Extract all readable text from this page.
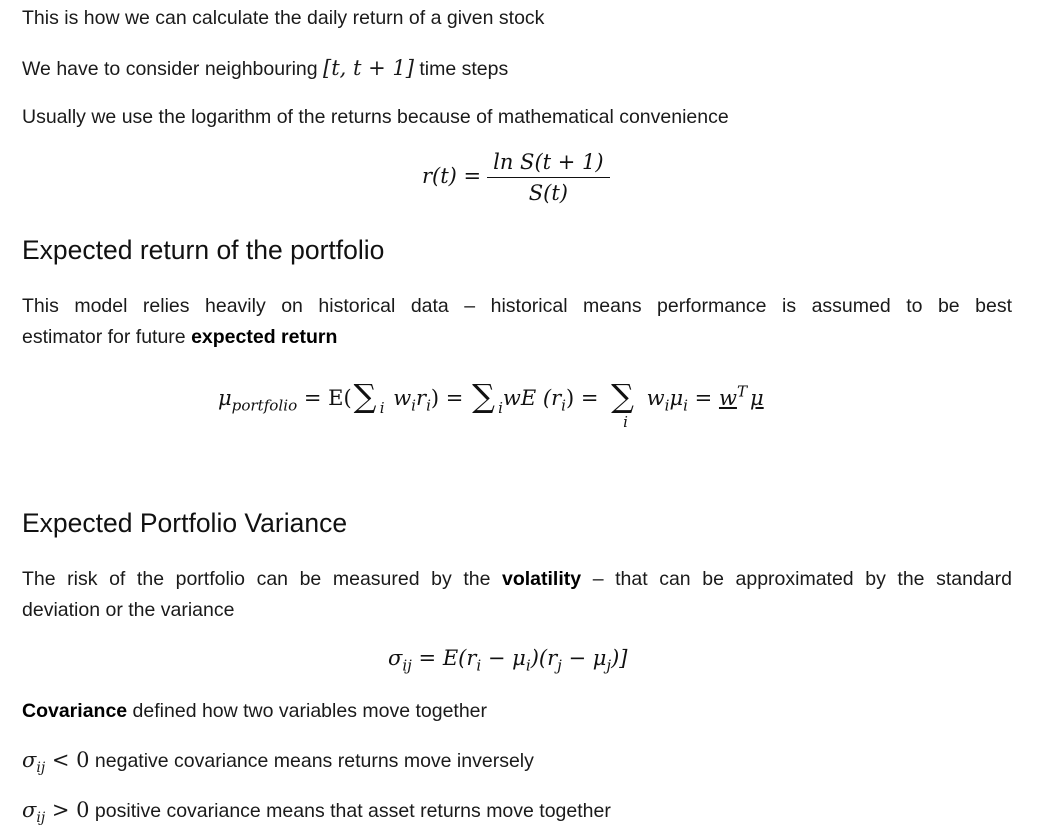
This is how we can calculate the daily return of a given stock
We have to consider neighbouring [t, t + 1] time steps
Usually we use the logarithm of the returns because of mathematical convenience
$r(t) = \frac{\text{ln S(t + 1)}}{S(t)}$
Expected return of the portfolio
This model relies heavily on historical data – historical means performance is assumed to be best
estimator for future expected return
$\mu_{portfolio} = E(\sum$ i $w_ir_i$) = ∑ i wE $(r_i)$ = ∑
i
$w_i\mu_i = w^T$ μ
Expected Portfolio Variance
The risk of the portfolio can be measured by the volatility – that can be approximated by the standard
deviation or the variance
$\sigma_{ij} = E(r_i - \mu_i)(r_j - \mu_j)$]
Covariance defined how two variables move together
$\sigma_{ij} < 0$ negative covariance means returns move inversely
$\sigma_{ij} > 0$ positive covariance means that asset returns move together
